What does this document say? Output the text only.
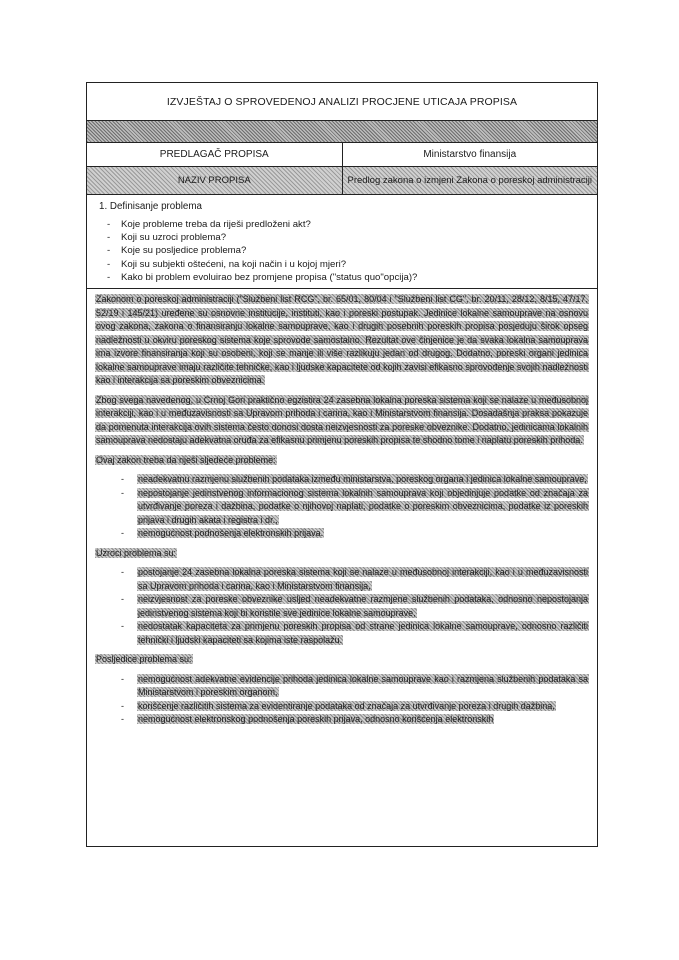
IZVJEŠTAJ O SPROVEDENOJ ANALIZI PROCJENE UTICAJA PROPISA
PREDLAGAČ PROPISA	Ministarstvo finansija
NAZIV PROPISA	Predlog zakona o izmjeni Zakona o poreskoj administraciji
1. Definisanje problema
- Koje probleme treba da riješi predloženi akt?
- Koji su uzroci problema?
- Koje su posljedice problema?
- Koji su subjekti oštećeni, na koji način i u kojoj mjeri?
- Kako bi problem evoluirao bez promjene propisa ("status quo"opcija)?

Zakonom o poreskoj administraciji ("Službeni list RCG", br. 65/01, 80/04 i "Službeni list CG", br. 20/11, 28/12, 8/15, 47/17, 52/19 i 145/21) uređene su osnovne institucije, instituti, kao i poreski postupak. Jedinice lokalne samouprave na osnovu ovog zakona, zakona o finansiranju lokalne samouprave, kao i drugih posebnih poreskih propisa posjeduju širok opseg nadležnosti u okviru poreskog sistema koje sprovode samostalno. Rezultat ove činjenice je da svaka lokalna samouprava ima izvore finansiranja koji su osobeni, koji se manje ili više razlikuju jedan od drugog. Dodatno, poreski organi jedinica lokalne samouprave imaju različite tehničke, kao i ljudske kapacitete od kojih zavisi efikasno sprovođenje svojih nadležnosti kao i interakcija sa poreskim obveznicima.

Zbog svega navedenog, u Crnoj Gori praktično egzistira 24 zasebna lokalna poreska sistema koji se nalaze u međusobnoj interakciji, kao i u međuzavisnosti sa Upravom prihoda i carina, kao i Ministarstvom finansija. Dosadašnja praksa pokazuje da pomenuta interakcija ovih sistema često donosi dosta neizvjesnosti za poreske obveznike. Dodatno, jedinicama lokalnih samouprava nedostaju adekvatna oruđa za efikasnu primjenu poreskih propisa te shodno tome i naplatu poreskih prihoda.

Ovaj zakon treba da riješi sljedeće probleme:

- neadekvatnu razmjenu službenih podataka između ministarstva, poreskog organa i jedinica lokalne samouprave,
- nepostojanje jedinstvenog informacionog sistema lokalnih samouprava koji objedinjuje podatke od značaja za utvrđivanje poreza i dažbina, podatke o njihovoj naplati, podatke o poreskim obveznicima, podatke iz poreskih prijava i drugih akata i registra i dr.,
- nemogućnost podnošenja elektronskih prijava.

Uzroci problema su:

- postojanje 24 zasebna lokalna poreska sistema koji se nalaze u međusobnoj interakciji, kao i u međuzavisnosti sa Upravom prihoda i carina, kao i Ministarstvom finansija,
- neizvjesnost za poreske obveznike usljed neadekvatne razmjene službenih podataka, odnosno nepostojanja jedinstvenog sistema koji bi koristile sve jedinice lokalne samouprave,
- nedostatak kapaciteta za primjenu poreskih propisa od strane jedinica lokalne samouprave, odnosno različiti tehnički i ljudski kapaciteti sa kojima iste raspolažu.

Posljedice problema su:

- nemogućnost adekvatne evidencije prihoda jedinica lokalne samouprave kao i razmjena službenih podataka sa Ministarstvom i poreskim organom,
- korišćenje različitih sistema za evidentiranje podataka od značaja za utvrđivanje poreza i drugih dažbina,
- nemogućnost elektronskog podnošenja poreskih prijava, odnosno korišćenja elektronskih
